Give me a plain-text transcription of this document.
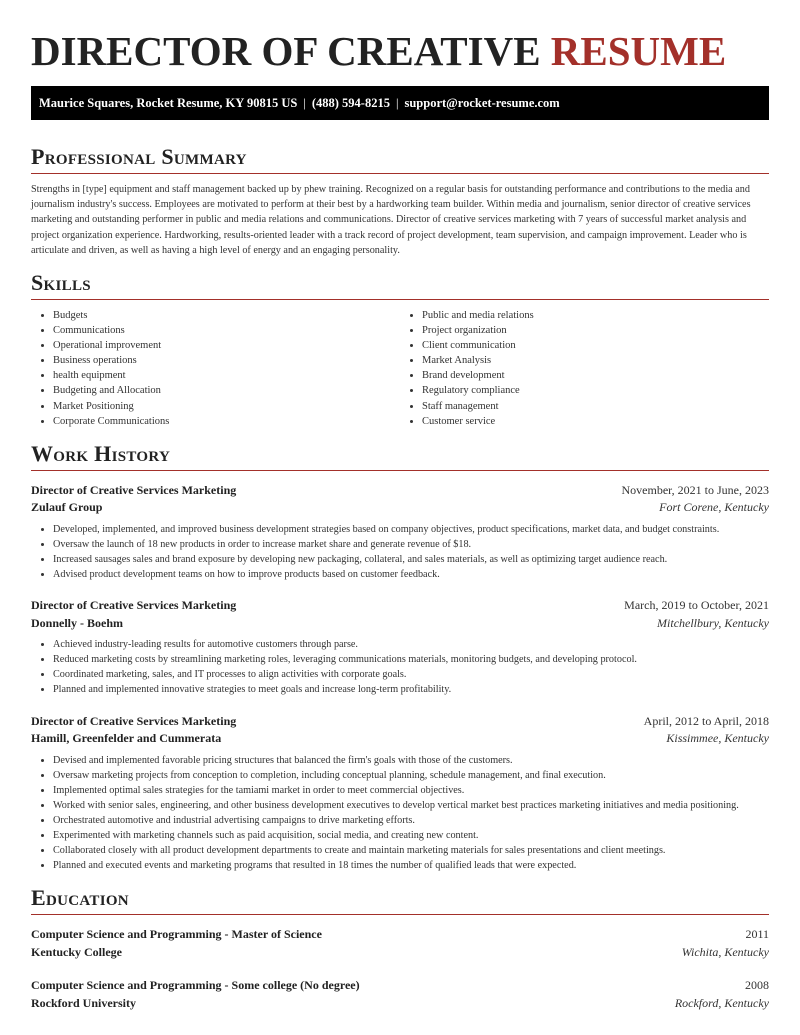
DIRECTOR OF CREATIVE RESUME
Maurice Squares, Rocket Resume, KY 90815 US | (488) 594-8215 | support@rocket-resume.com
Professional Summary

Strengths in [type] equipment and staff management backed up by phew training. Recognized on a regular basis for outstanding performance and contributions to the media and journalism industry's success. Employees are motivated to perform at their best by a hardworking team builder. Within media and journalism, senior director of creative services marketing and outstanding performer in public and media relations and communications. Director of creative services marketing with 7 years of successful market analysis and project organization experience. Hardworking, results-oriented leader with a track record of project development, team supervision, and campaign improvement. Leader who is articulate and driven, as well as having a high level of energy and an engaging personality.

Skills
• Budgets
• Communications
• Operational improvement
• Business operations
• health equipment
• Budgeting and Allocation
• Market Positioning
• Corporate Communications
• Public and media relations
• Project organization
• Client communication
• Market Analysis
• Brand development
• Regulatory compliance
• Staff management
• Customer service
Work History
Director of Creative Services Marketing	November, 2021 to June, 2023
Zulauf Group	Fort Corene, Kentucky
• Developed, implemented, and improved business development strategies based on company objectives, product specifications, market data, and budget constraints.
• Oversaw the launch of 18 new products in order to increase market share and generate revenue of $18.
• Increased sausages sales and brand exposure by developing new packaging, collateral, and sales materials, as well as optimizing target audience reach.
• Advised product development teams on how to improve products based on customer feedback.
Director of Creative Services Marketing	March, 2019 to October, 2021
Donnelly - Boehm	Mitchellbury, Kentucky
• Achieved industry-leading results for automotive customers through parse.
• Reduced marketing costs by streamlining marketing roles, leveraging communications materials, monitoring budgets, and developing protocol.
• Coordinated marketing, sales, and IT processes to align activities with corporate goals.
• Planned and implemented innovative strategies to meet goals and increase long-term profitability.
Director of Creative Services Marketing	April, 2012 to April, 2018
Hamill, Greenfelder and Cummerata	Kissimmee, Kentucky
• Devised and implemented favorable pricing structures that balanced the firm's goals with those of the customers.
• Oversaw marketing projects from conception to completion, including conceptual planning, schedule management, and final execution.
• Implemented optimal sales strategies for the tamiami market in order to meet commercial objectives.
• Worked with senior sales, engineering, and other business development executives to develop vertical market best practices marketing initiatives and media positioning.
• Orchestrated automotive and industrial advertising campaigns to drive marketing efforts.
• Experimented with marketing channels such as paid acquisition, social media, and creating new content.
• Collaborated closely with all product development departments to create and maintain marketing materials for sales presentations and client meetings.
• Planned and executed events and marketing programs that resulted in 18 times the number of qualified leads that were expected.
Education
Computer Science and Programming - Master of Science	2011
Kentucky College	Wichita, Kentucky
Computer Science and Programming - Some college (No degree)	2008
Rockford University	Rockford, Kentucky
